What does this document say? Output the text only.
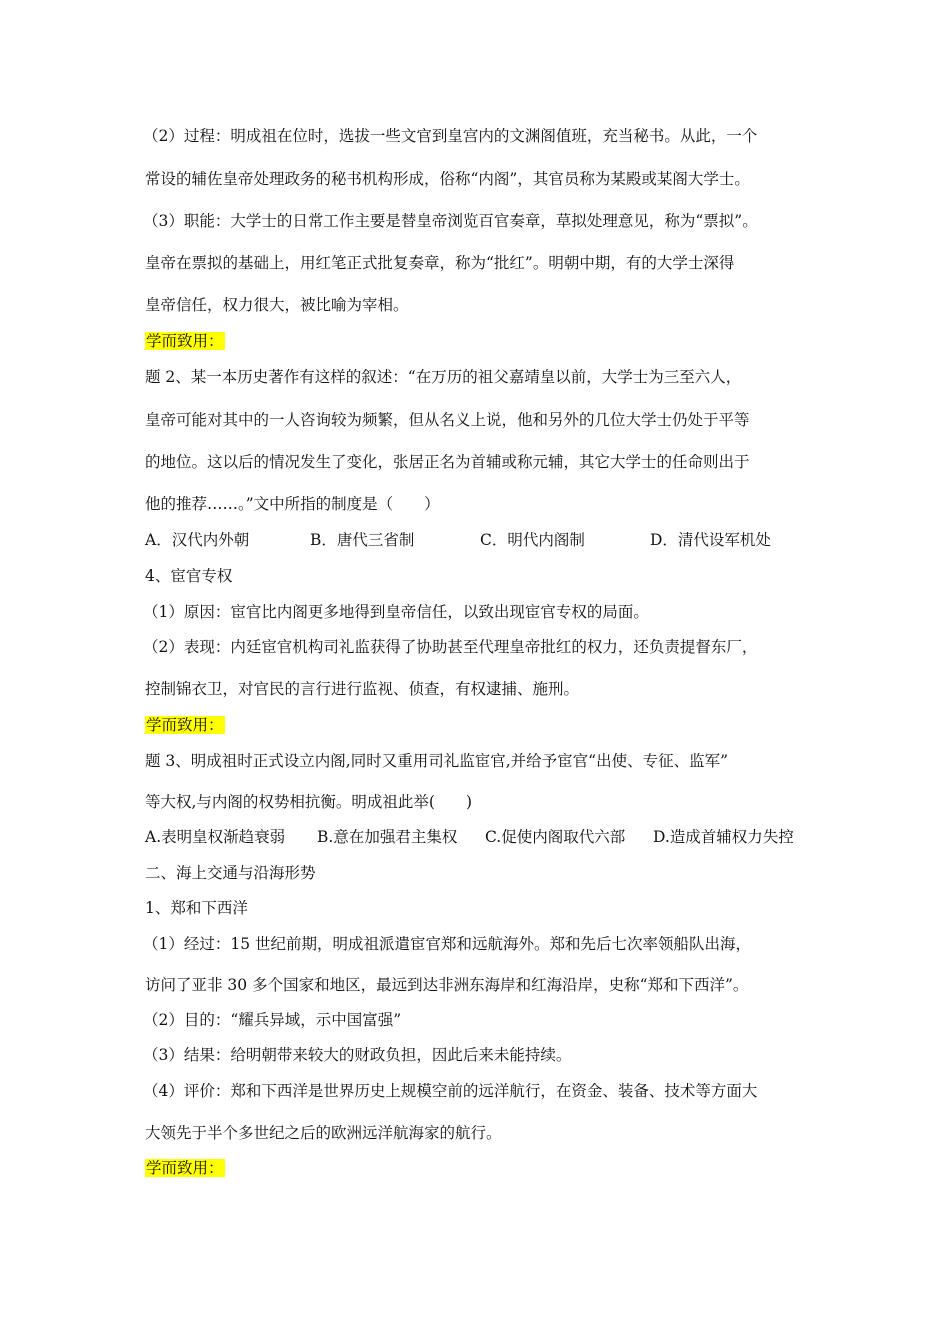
（2）过程：明成祖在位时，选拔一些文官到皇宫内的文渊阁值班，充当秘书。从此，一个
常设的辅佐皇帝处理政务的秘书机构形成，俗称“内阁”，其官员称为某殿或某阁大学士。
（3）职能：大学士的日常工作主要是替皇帝浏览百官奏章，草拟处理意见，称为“票拟”。
皇帝在票拟的基础上，用红笔正式批复奏章，称为“批红”。明朝中期，有的大学士深得
皇帝信任，权力很大，被比喻为宰相。
学而致用：
题 2、某一本历史著作有这样的叙述：“在万历的祖父嘉靖皇以前，大学士为三至六人，
皇帝可能对其中的一人咨询较为频繁，但从名义上说，他和另外的几位大学士仍处于平等
的地位。这以后的情况发生了变化，张居正名为首辅或称元辅，其它大学士的任命则出于
他的推荐……。”文中所指的制度是（　　）
A．汉代内外朝	B．唐代三省制	C．明代内阁制	D．清代设军机处
4、宦官专权
（1）原因：宦官比内阁更多地得到皇帝信任，以致出现宦官专权的局面。
（2）表现：内廷宦官机构司礼监获得了协助甚至代理皇帝批红的权力，还负责提督东厂，
控制锦衣卫，对官民的言行进行监视、侦查，有权逮捕、施刑。
学而致用：
题 3、明成祖时正式设立内阁,同时又重用司礼监宦官,并给予宦官“出使、专征、监军”
等大权,与内阁的权势相抗衡。明成祖此举(　　)
A.表明皇权渐趋衰弱 B.意在加强君主集权 C.促使内阁取代六部 D.造成首辅权力失控
二、海上交通与沿海形势
1、郑和下西洋
（1）经过：15 世纪前期，明成祖派遣宦官郑和远航海外。郑和先后七次率领船队出海，
访问了亚非 30 多个国家和地区，最远到达非洲东海岸和红海沿岸，史称“郑和下西洋”。
（2）目的：“耀兵异域，示中国富强”
（3）结果：给明朝带来较大的财政负担，因此后来未能持续。
（4）评价：郑和下西洋是世界历史上规模空前的远洋航行，在资金、装备、技术等方面大
大领先于半个多世纪之后的欧洲远洋航海家的航行。
学而致用：
